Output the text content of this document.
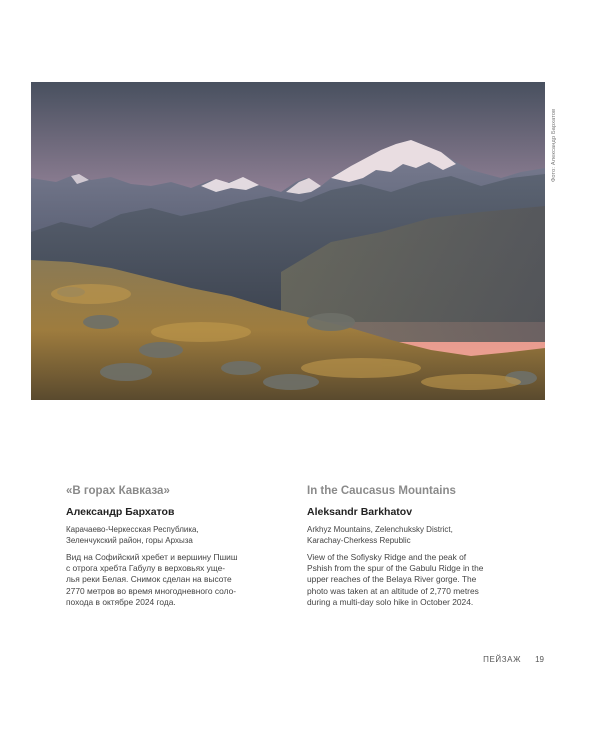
Фото: Александр Бархатов

«В горах Кавказа»

Александр Бархатов

Карачаево-Черкесская Республика,
Зеленчукский район, горы Архыза

Вид на Софийский хребет и вершину Пшиш
с отрога хребта Габулу в верховьях уще-
лья реки Белая. Снимок сделан на высоте
2770 метров во время многодневного соло-
похода в октябре 2024 года.

In the Caucasus Mountains

Aleksandr Barkhatov

Arkhyz Mountains, Zelenchuksky District,
Karachay-Cherkess Republic

View of the Sofiysky Ridge and the peak of
Pshish from the spur of the Gabulu Ridge in the
upper reaches of the Belaya River gorge. The
photo was taken at an altitude of 2,770 metres
during a multi-day solo hike in October 2024.

ПЕЙЗАЖ 19
